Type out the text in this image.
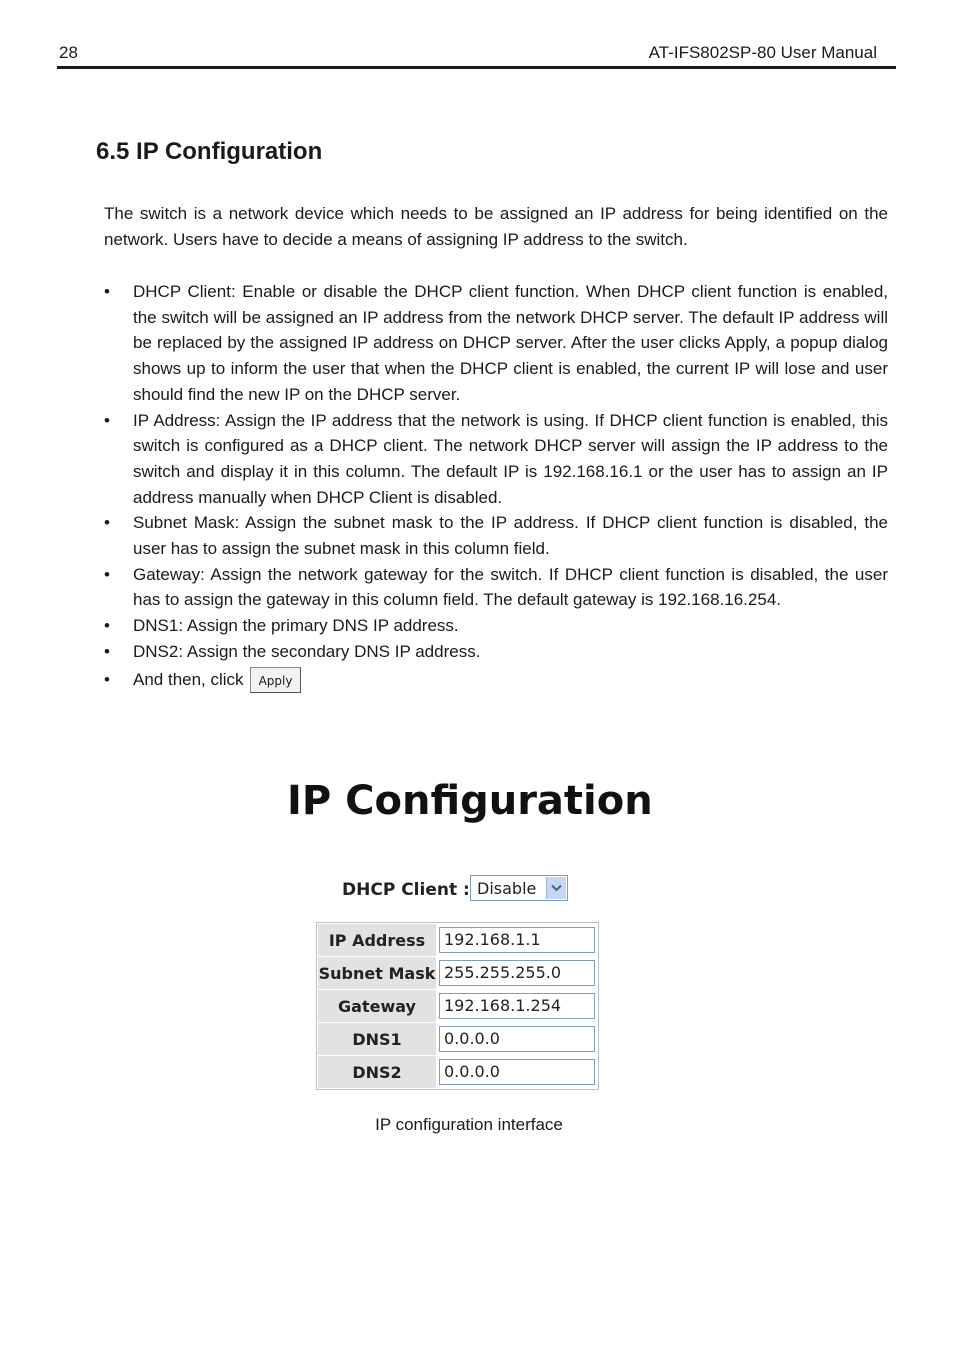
28	AT-IFS802SP-80 User Manual
6.5 IP Configuration

The switch is a network device which needs to be assigned an IP address for being identified on the network. Users have to decide a means of assigning IP address to the switch.

• DHCP Client: Enable or disable the DHCP client function. When DHCP client function is enabled, the switch will be assigned an IP address from the network DHCP server. The default IP address will be replaced by the assigned IP address on DHCP server. After the user clicks Apply, a popup dialog shows up to inform the user that when the DHCP client is enabled, the current IP will lose and user should find the new IP on the DHCP server.
• IP Address: Assign the IP address that the network is using. If DHCP client function is enabled, this switch is configured as a DHCP client. The network DHCP server will assign the IP address to the switch and display it in this column. The default IP is 192.168.16.1 or the user has to assign an IP address manually when DHCP Client is disabled.
• Subnet Mask: Assign the subnet mask to the IP address. If DHCP client function is disabled, the user has to assign the subnet mask in this column field.
• Gateway: Assign the network gateway for the switch. If DHCP client function is disabled, the user has to assign the gateway in this column field. The default gateway is 192.168.16.254.
• DNS1: Assign the primary DNS IP address.
• DNS2: Assign the secondary DNS IP address.
• And then, click Apply
IP Configuration
DHCP Client : Disable
IP Address	192.168.1.1

Subnet Mask	255.255.255.0

Gateway	192.168.1.254

DNS1	0.0.0.0

DNS2	0.0.0.0
IP configuration interface
